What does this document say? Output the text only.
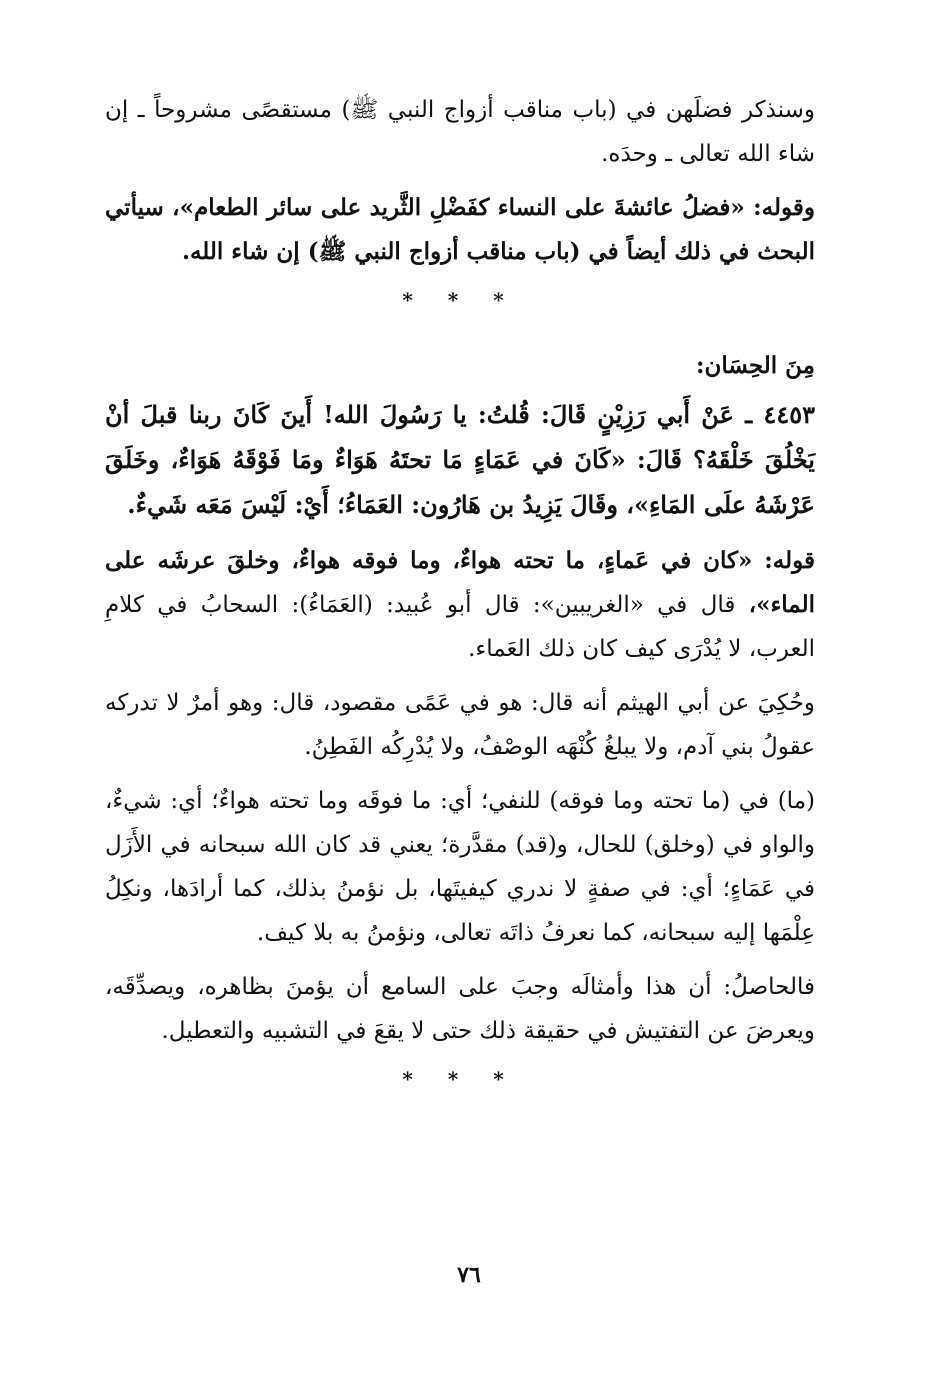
وسنذكر فضلَهن في (باب مناقب أزواج النبي ﷺ) مستقصًى مشروحاً ـ إن شاء الله تعالى ـ وحدَه.

وقوله: «فضلُ عائشةَ على النساء كفَضْلِ الثَّريد على سائر الطعام»، سيأتي البحث في ذلك أيضاً في (باب مناقب أزواج النبي ﷺ) إن شاء الله.

* * *
مِنَ الحِسَان:

٤٤٥٣ ـ عَنْ أَبي رَزِيْنٍ قَالَ: قُلتُ: يا رَسُولَ الله! أَينَ كَانَ ربنا قبلَ أنْ يَخْلُقَ خَلْقَهُ؟ قَالَ: «كَانَ في عَمَاءٍ مَا تحتَهُ هَوَاءٌ ومَا فَوْقَهُ هَوَاءٌ، وخَلَقَ عَرْشَهُ علَى المَاءِ»، وقَالَ يَزِيدُ بن هَارُون: العَمَاءُ؛ أَيْ: لَيْسَ مَعَه شَيءٌ.

قوله: «كان في عَماءٍ، ما تحته هواءٌ، وما فوقه هواءٌ، وخلقَ عرشَه على الماء»، قال في «الغريبين»: قال أبو عُبيد: (العَمَاءُ): السحابُ في كلامِ العرب، لا يُدْرَى كيف كان ذلك العَماء.

وحُكِيَ عن أبي الهيثم أنه قال: هو في عَمًى مقصود، قال: وهو أمرٌ لا تدركه عقولُ بني آدم، ولا يبلغُ كُنْهَه الوصْفُ، ولا يُدْرِكُه الفَطِنُ.

(ما) في (ما تحته وما فوقه) للنفي؛ أي: ما فوقَه وما تحته هواءٌ؛ أي: شيءٌ، والواو في (وخلق) للحال، و(قد) مقدَّرة؛ يعني قد كان الله سبحانه في الأَزَل في عَمَاءٍ؛ أي: في صفةٍ لا ندري كيفيتَها، بل نؤمنُ بذلك، كما أرادَها، ونكِلُ عِلْمَها إليه سبحانه، كما نعرفُ ذاتَه تعالى، ونؤمنُ به بلا كيف.

فالحاصلُ: أن هذا وأمثالَه وجبَ على السامع أن يؤمنَ بظاهره، ويصدِّقَه، ويعرضَ عن التفتيش في حقيقة ذلك حتى لا يقعَ في التشبيه والتعطيل.

* * *
٧٦
